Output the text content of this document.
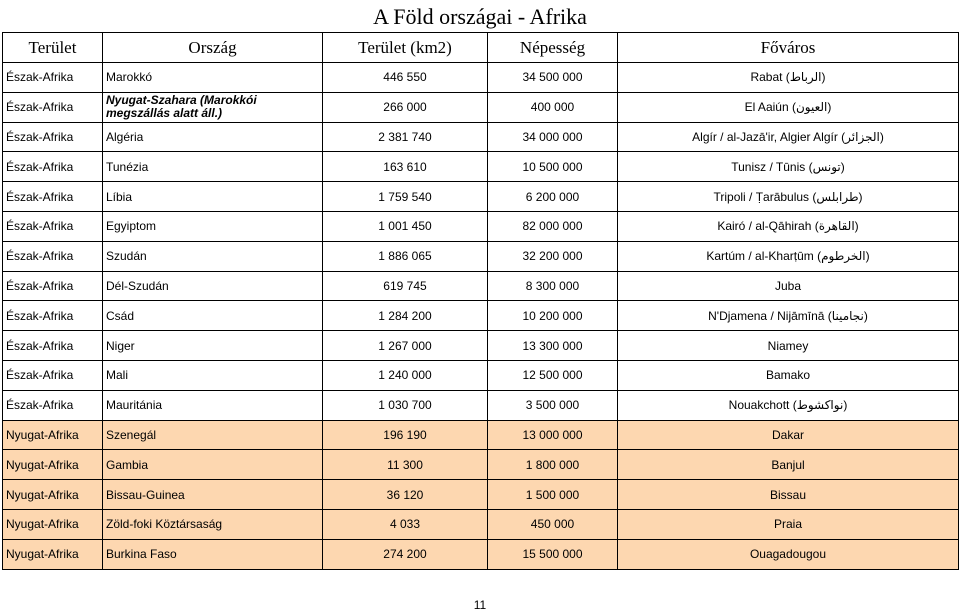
A Föld országai - Afrika
Terület	Ország	Terület (km2)	Népesség	Főváros
Észak-Afrika	Marokkó	446 550	34 500 000	Rabat (الرباط)
Észak-Afrika	Nyugat-Szahara (Marokkói megszállás alatt áll.)	266 000	400 000	El Aaiún (العيون)
Észak-Afrika	Algéria	2 381 740	34 000 000	Algír / al-Jazā'ir, Algier Algír (الجزائر)
Észak-Afrika	Tunézia	163 610	10 500 000	Tunisz / Tūnis (تونس)
Észak-Afrika	Líbia	1 759 540	6 200 000	Tripoli / Ṭarābulus (طرابلس)
Észak-Afrika	Egyiptom	1 001 450	82 000 000	Kairó / al-Qāhirah (القاهرة)
Észak-Afrika	Szudán	1 886 065	32 200 000	Kartúm / al-Kharṭūm (الخرطوم)
Észak-Afrika	Dél-Szudán	619 745	8 300 000	Juba
Észak-Afrika	Csád	1 284 200	10 200 000	N'Djamena / Nijāmīnā (نجامينا)
Észak-Afrika	Niger	1 267 000	13 300 000	Niamey
Észak-Afrika	Mali	1 240 000	12 500 000	Bamako
Észak-Afrika	Mauritánia	1 030 700	3 500 000	Nouakchott (نواكشوط)
Nyugat-Afrika	Szenegál	196 190	13 000 000	Dakar
Nyugat-Afrika	Gambia	11 300	1 800 000	Banjul
Nyugat-Afrika	Bissau-Guinea	36 120	1 500 000	Bissau
Nyugat-Afrika	Zöld-foki Köztársaság	4 033	450 000	Praia
Nyugat-Afrika	Burkina Faso	274 200	15 500 000	Ouagadougou
11
